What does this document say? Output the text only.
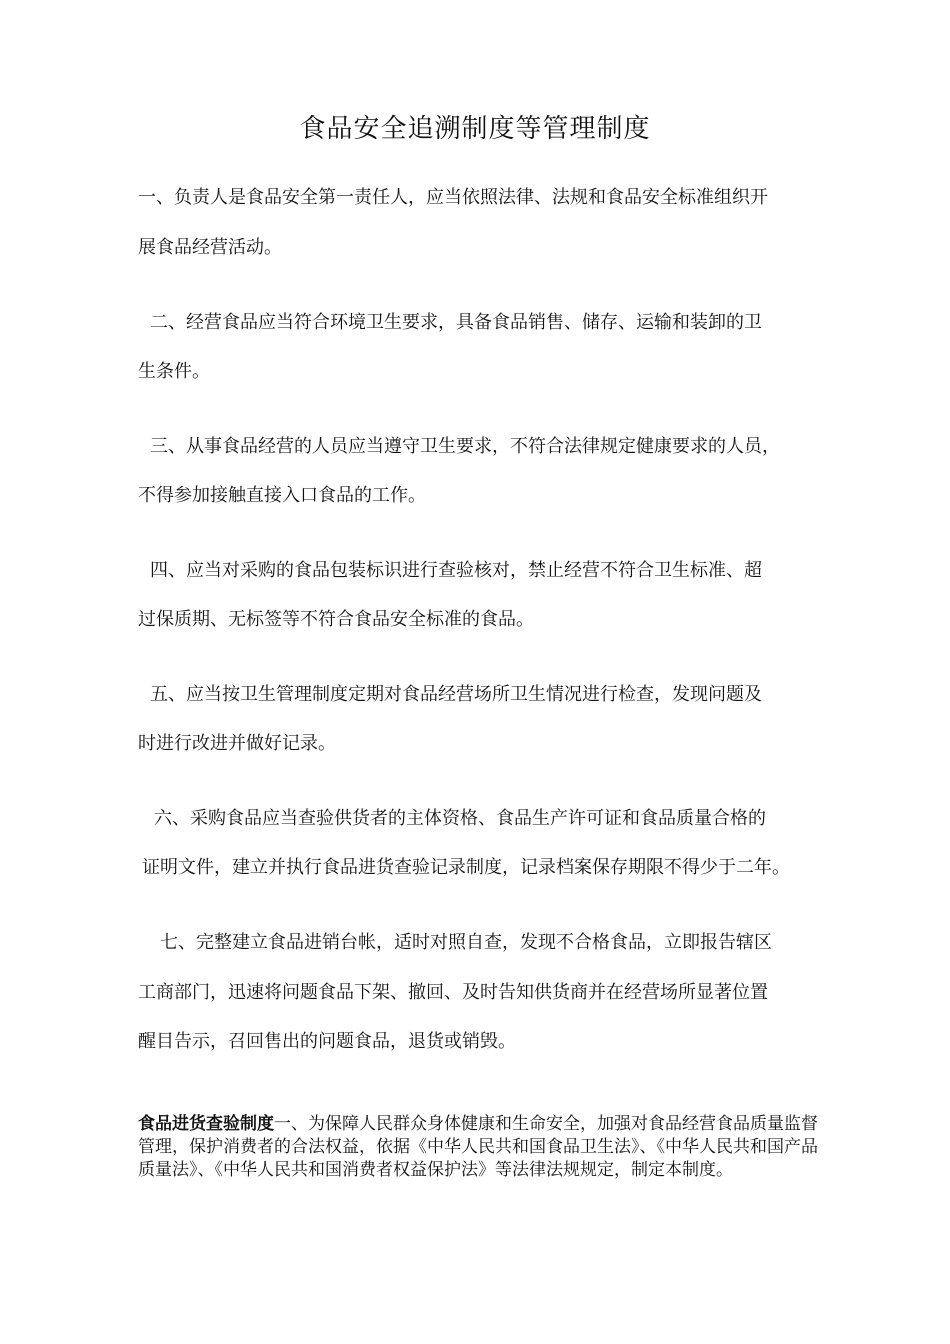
食品安全追溯制度等管理制度
一、负责人是食品安全第一责任人，应当依照法律、法规和食品安全标准组织开
展食品经营活动。
二、经营食品应当符合环境卫生要求，具备食品销售、储存、运输和装卸的卫
生条件。
三、从事食品经营的人员应当遵守卫生要求，不符合法律规定健康要求的人员，
不得参加接触直接入口食品的工作。
四、应当对采购的食品包装标识进行查验核对，禁止经营不符合卫生标准、超
过保质期、无标签等不符合食品安全标准的食品。
五、应当按卫生管理制度定期对食品经营场所卫生情况进行检查，发现问题及
时进行改进并做好记录。
六、采购食品应当查验供货者的主体资格、食品生产许可证和食品质量合格的
证明文件，建立并执行食品进货查验记录制度，记录档案保存期限不得少于二年。
七、完整建立食品进销台帐，适时对照自查，发现不合格食品，立即报告辖区
工商部门，迅速将问题食品下架、撤回、及时告知供货商并在经营场所显著位置
醒目告示，召回售出的问题食品，退货或销毁。
食品进货查验制度一、为保障人民群众身体健康和生命安全，加强对食品经营食品质量监督管理，保护消费者的合法权益，依据《中华人民共和国食品卫生法》、《中华人民共和国产品质量法》、《中华人民共和国消费者权益保护法》等法律法规规定，制定本制度。
